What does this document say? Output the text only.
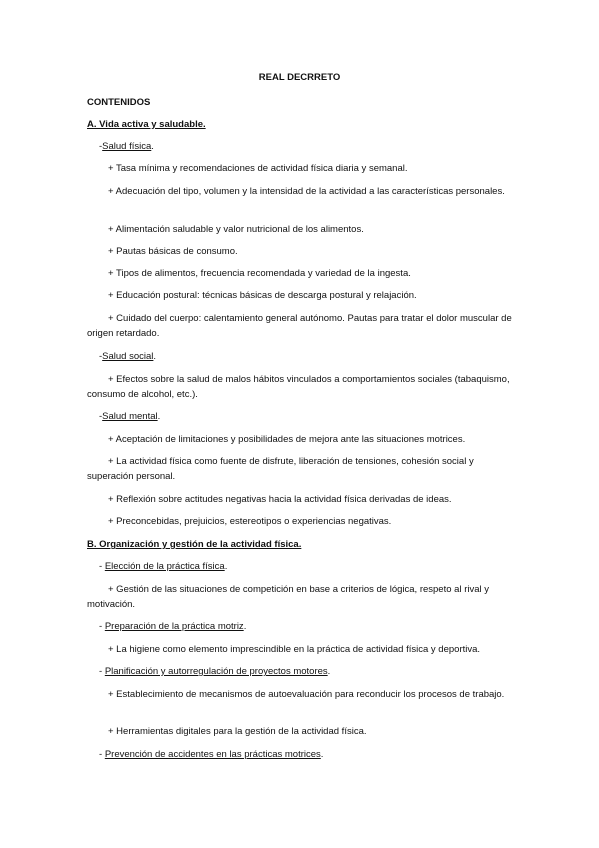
REAL DECRRETO
CONTENIDOS
A. Vida activa y saludable.
-Salud física.
+ Tasa mínima y recomendaciones de actividad física diaria y semanal.
+ Adecuación del tipo, volumen y la intensidad de la actividad a las características personales.
+ Alimentación saludable y valor nutricional de los alimentos.
+ Pautas básicas de consumo.
+ Tipos de alimentos, frecuencia recomendada y variedad de la ingesta.
+ Educación postural: técnicas básicas de descarga postural y relajación.
+ Cuidado del cuerpo: calentamiento general autónomo. Pautas para tratar el dolor muscular de origen retardado.
-Salud social.
+ Efectos sobre la salud de malos hábitos vinculados a comportamientos sociales (tabaquismo, consumo de alcohol, etc.).
-Salud mental.
+ Aceptación de limitaciones y posibilidades de mejora ante las situaciones motrices.
+ La actividad física como fuente de disfrute, liberación de tensiones, cohesión social y superación personal.
+ Reflexión sobre actitudes negativas hacia la actividad física derivadas de ideas.
+ Preconcebidas, prejuicios, estereotipos o experiencias negativas.
B. Organización y gestión de la actividad física.
- Elección de la práctica física.
+ Gestión de las situaciones de competición en base a criterios de lógica, respeto al rival y motivación.
- Preparación de la práctica motriz.
+ La higiene como elemento imprescindible en la práctica de actividad física y deportiva.
- Planificación y autorregulación de proyectos motores.
+ Establecimiento de mecanismos de autoevaluación para reconducir los procesos de trabajo.
+ Herramientas digitales para la gestión de la actividad física.
- Prevención de accidentes en las prácticas motrices.
